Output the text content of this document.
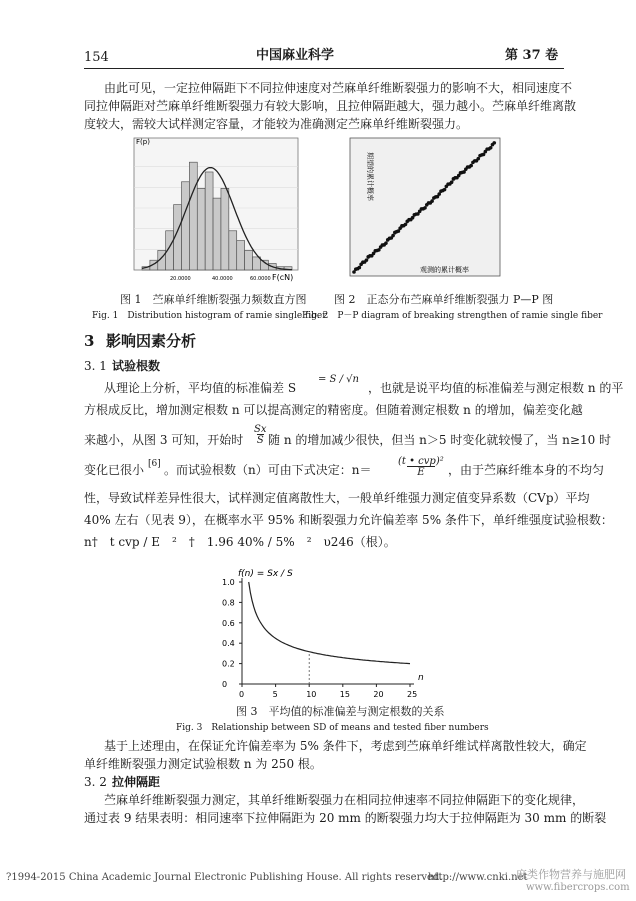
154	中国麻业科学	第 37 卷
由此可见，一定拉伸隔距下不同拉伸速度对苎麻单纤维断裂强力的影响不大，相同速度不
同拉伸隔距对苎麻单纤维断裂强力有较大影响，且拉伸隔距越大，强力越小。苎麻单纤维离散
度较大，需较大试样测定容量，才能较为准确测定苎麻单纤维断裂强力。
F(p)
F(cN)
20.0000	40.0000	60.0000
期望的累计概率
观测的累计概率
图 1　苎麻单纤维断裂强力频数直方图	图 2　正态分布苎麻单纤维断裂强力 P—P 图
Fig. 1　Distribution histogram of ramie single fiber
Fig. 2　P－P diagram of breaking strengthen of ramie single fiber
3 影响因素分析
3. 1 试验根数
从理论上分析，平均值的标准偏差 S
= S / √n
，也就是说平均值的标准偏差与测定根数 n 的平
方根成反比，增加测定根数 n 可以提高测定的精密度。但随着测定根数 n 的增加，偏差变化越
来越小，从图 3 可知，开始时
Sx
S 随 n 的增加减少很快，但当 n＞5 时变化就较慢了，当 n≥10 时
变化已很小 [6] 。而试验根数（n）可由下式决定：n＝
(t • cvp)²
E	，由于苎麻纤维本身的不均匀
性，导致试样差异性很大，试样测定值离散性大，一般单纤维强力测定值变异系数（CVp）平均
40% 左右（见表 9），在概率水平 95% 和断裂强力允许偏差率 5% 条件下，单纤维强度试验根数：
n†　t cvp / E　²　†　1.96 40% / 5%　²　υ246（根）。
f(n) = Sx / S
0	5	10	15	20	25
0
0.2
0.4
0.6
0.8
1.0
n
图 3　平均值的标准偏差与测定根数的关系
Fig. 3　Relationship between SD of means and tested fiber numbers
基于上述理由，在保证允许偏差率为 5% 条件下，考虑到苎麻单纤维试样离散性较大，确定
单纤维断裂强力测定试验根数 n 为 250 根。
3. 2 拉伸隔距
苎麻单纤维断裂强力测定，其单纤维断裂强力在相同拉伸速率不同拉伸隔距下的变化规律，
通过表 9 结果表明：相同速率下拉伸隔距为 20 mm 的断裂强力均大于拉伸隔距为 30 mm 的断裂
?1994-2015 China Academic Journal Electronic Publishing House. All rights reserved.
http://www.cnki.net
麻类作物营养与施肥网
www.fibercrops.com
